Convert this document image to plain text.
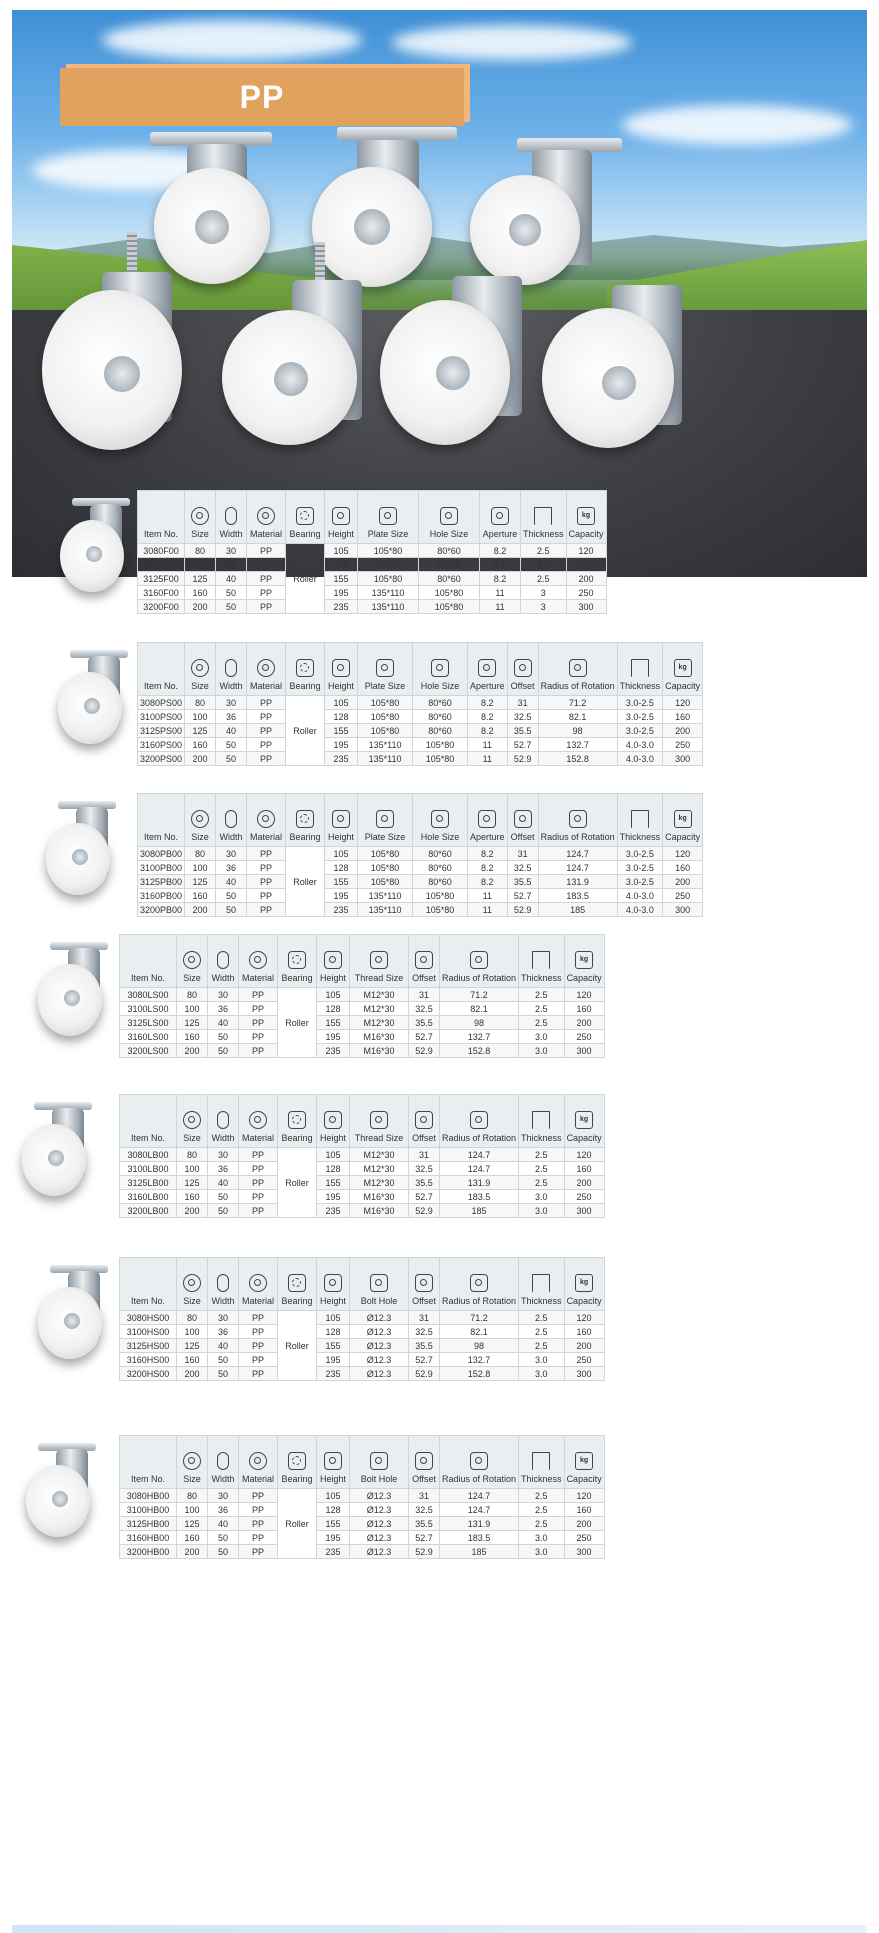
PP
Item No.	Size	Width	Material	Bearing	Height	Plate Size	Hole Size	Aperture	Thickness	kg
Capacity
3080F00	80	30	PP	Roller	105	105*80	80*60	8.2	2.5	120
3100F00	100	36	PP		128	105*80	80*60	8.2	2.5	160
3125F00	125	40	PP		155	105*80	80*60	8.2	2.5	200
3160F00	160	50	PP		195	135*110	105*80	11	3	250
3200F00	200	50	PP		235	135*110	105*80	11	3	300
Item No.	Size	Width	Material	Bearing	Height	Plate Size	Hole Size	Aperture	Offset	Radius of Rotation	Thickness	kg
Capacity
3080PS00	80	30	PP	Roller	105	105*80	80*60	8.2	31	71.2	3.0-2.5	120
3100PS00	100	36	PP		128	105*80	80*60	8.2	32.5	82.1	3.0-2.5	160
3125PS00	125	40	PP		155	105*80	80*60	8.2	35.5	98	3.0-2.5	200
3160PS00	160	50	PP		195	135*110	105*80	11	52.7	132.7	4.0-3.0	250
3200PS00	200	50	PP		235	135*110	105*80	11	52.9	152.8	4.0-3.0	300
Item No.	Size	Width	Material	Bearing	Height	Plate Size	Hole Size	Aperture	Offset	Radius of Rotation	Thickness	kg
Capacity
3080PB00	80	30	PP	Roller	105	105*80	80*60	8.2	31	124.7	3.0-2.5	120
3100PB00	100	36	PP		128	105*80	80*60	8.2	32.5	124.7	3.0-2.5	160
3125PB00	125	40	PP		155	105*80	80*60	8.2	35.5	131.9	3.0-2.5	200
3160PB00	160	50	PP		195	135*110	105*80	11	52.7	183.5	4.0-3.0	250
3200PB00	200	50	PP		235	135*110	105*80	11	52.9	185	4.0-3.0	300
Item No.	Size	Width	Material	Bearing	Height	Thread Size	Offset	Radius of Rotation	Thickness	kg
Capacity
3080LS00	80	30	PP	Roller	105	M12*30	31	71.2	2.5	120
3100LS00	100	36	PP		128	M12*30	32.5	82.1	2.5	160
3125LS00	125	40	PP		155	M12*30	35.5	98	2.5	200
3160LS00	160	50	PP		195	M16*30	52.7	132.7	3.0	250
3200LS00	200	50	PP		235	M16*30	52.9	152.8	3.0	300
Item No.	Size	Width	Material	Bearing	Height	Thread Size	Offset	Radius of Rotation	Thickness	kg
Capacity
3080LB00	80	30	PP	Roller	105	M12*30	31	124.7	2.5	120
3100LB00	100	36	PP		128	M12*30	32.5	124.7	2.5	160
3125LB00	125	40	PP		155	M12*30	35.5	131.9	2.5	200
3160LB00	160	50	PP		195	M16*30	52.7	183.5	3.0	250
3200LB00	200	50	PP		235	M16*30	52.9	185	3.0	300
Item No.	Size	Width	Material	Bearing	Height	Bolt Hole	Offset	Radius of Rotation	Thickness	kg
Capacity
3080HS00	80	30	PP	Roller	105	Ø12.3	31	71.2	2.5	120
3100HS00	100	36	PP		128	Ø12.3	32.5	82.1	2.5	160
3125HS00	125	40	PP		155	Ø12.3	35.5	98	2.5	200
3160HS00	160	50	PP		195	Ø12.3	52.7	132.7	3.0	250
3200HS00	200	50	PP		235	Ø12.3	52.9	152.8	3.0	300
Item No.	Size	Width	Material	Bearing	Height	Bolt Hole	Offset	Radius of Rotation	Thickness	kg
Capacity
3080HB00	80	30	PP	Roller	105	Ø12.3	31	124.7	2.5	120
3100HB00	100	36	PP		128	Ø12.3	32.5	124.7	2.5	160
3125HB00	125	40	PP		155	Ø12.3	35.5	131.9	2.5	200
3160HB00	160	50	PP		195	Ø12.3	52.7	183.5	3.0	250
3200HB00	200	50	PP		235	Ø12.3	52.9	185	3.0	300
